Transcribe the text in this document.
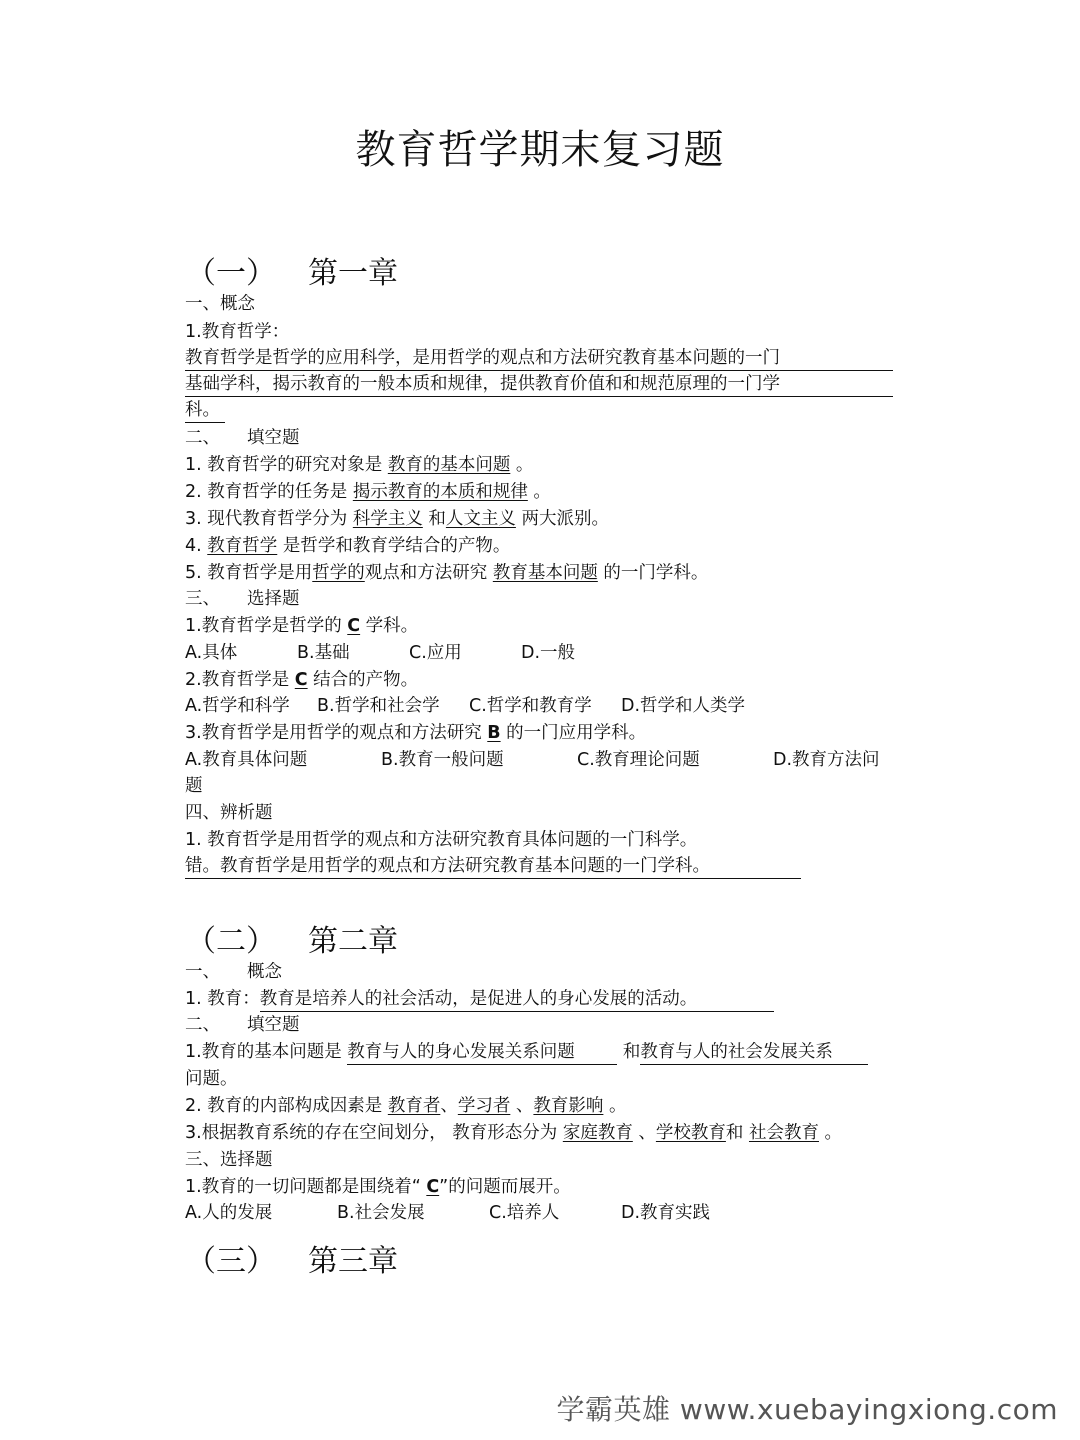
教育哲学期末复习题
（一） 第一章
一、概念
1.教育哲学：
教育哲学是哲学的应用科学，是用哲学的观点和方法研究教育基本问题的一门
基础学科，揭示教育的一般本质和规律，提供教育价值和和规范原理的一门学
科。
二、 填空题
1. 教育哲学的研究对象是 教育的基本问题 。
2. 教育哲学的任务是 揭示教育的本质和规律 。
3. 现代教育哲学分为 科学主义 和人文主义 两大派别。
4. 教育哲学 是哲学和教育学结合的产物。
5. 教育哲学是用哲学的观点和方法研究 教育基本问题 的一门学科。
三、 选择题
1.教育哲学是哲学的 C 学科。
A.具体	B.基础	C.应用	D.一般
2.教育哲学是 C 结合的产物。
A.哲学和科学 B.哲学和社会学 C.哲学和教育学 D.哲学和人类学
3.教育哲学是用哲学的观点和方法研究 B 的一门应用学科。
A.教育具体问题	B.教育一般问题	C.教育理论问题	D.教育方法问
题
四、辨析题
1. 教育哲学是用哲学的观点和方法研究教育具体问题的一门科学。
错。教育哲学是用哲学的观点和方法研究教育基本问题的一门学科。
（二） 第二章
一、 概念
1. 教育：教育是培养人的社会活动，是促进人的身心发展的活动。
二、 填空题
1.教育的基本问题是 教育与人的身心发展关系问题 和教育与人的社会发展关系
问题。
2. 教育的内部构成因素是 教育者、学习者 、教育影响 。
3.根据教育系统的存在空间划分， 教育形态分为 家庭教育 、学校教育和 社会教育 。
三、选择题
1.教育的一切问题都是围绕着“ C”的问题而展开。
A.人的发展	B.社会发展	C.培养人	D.教育实践
（三） 第三章
学霸英雄 www.xuebayingxiong.com
